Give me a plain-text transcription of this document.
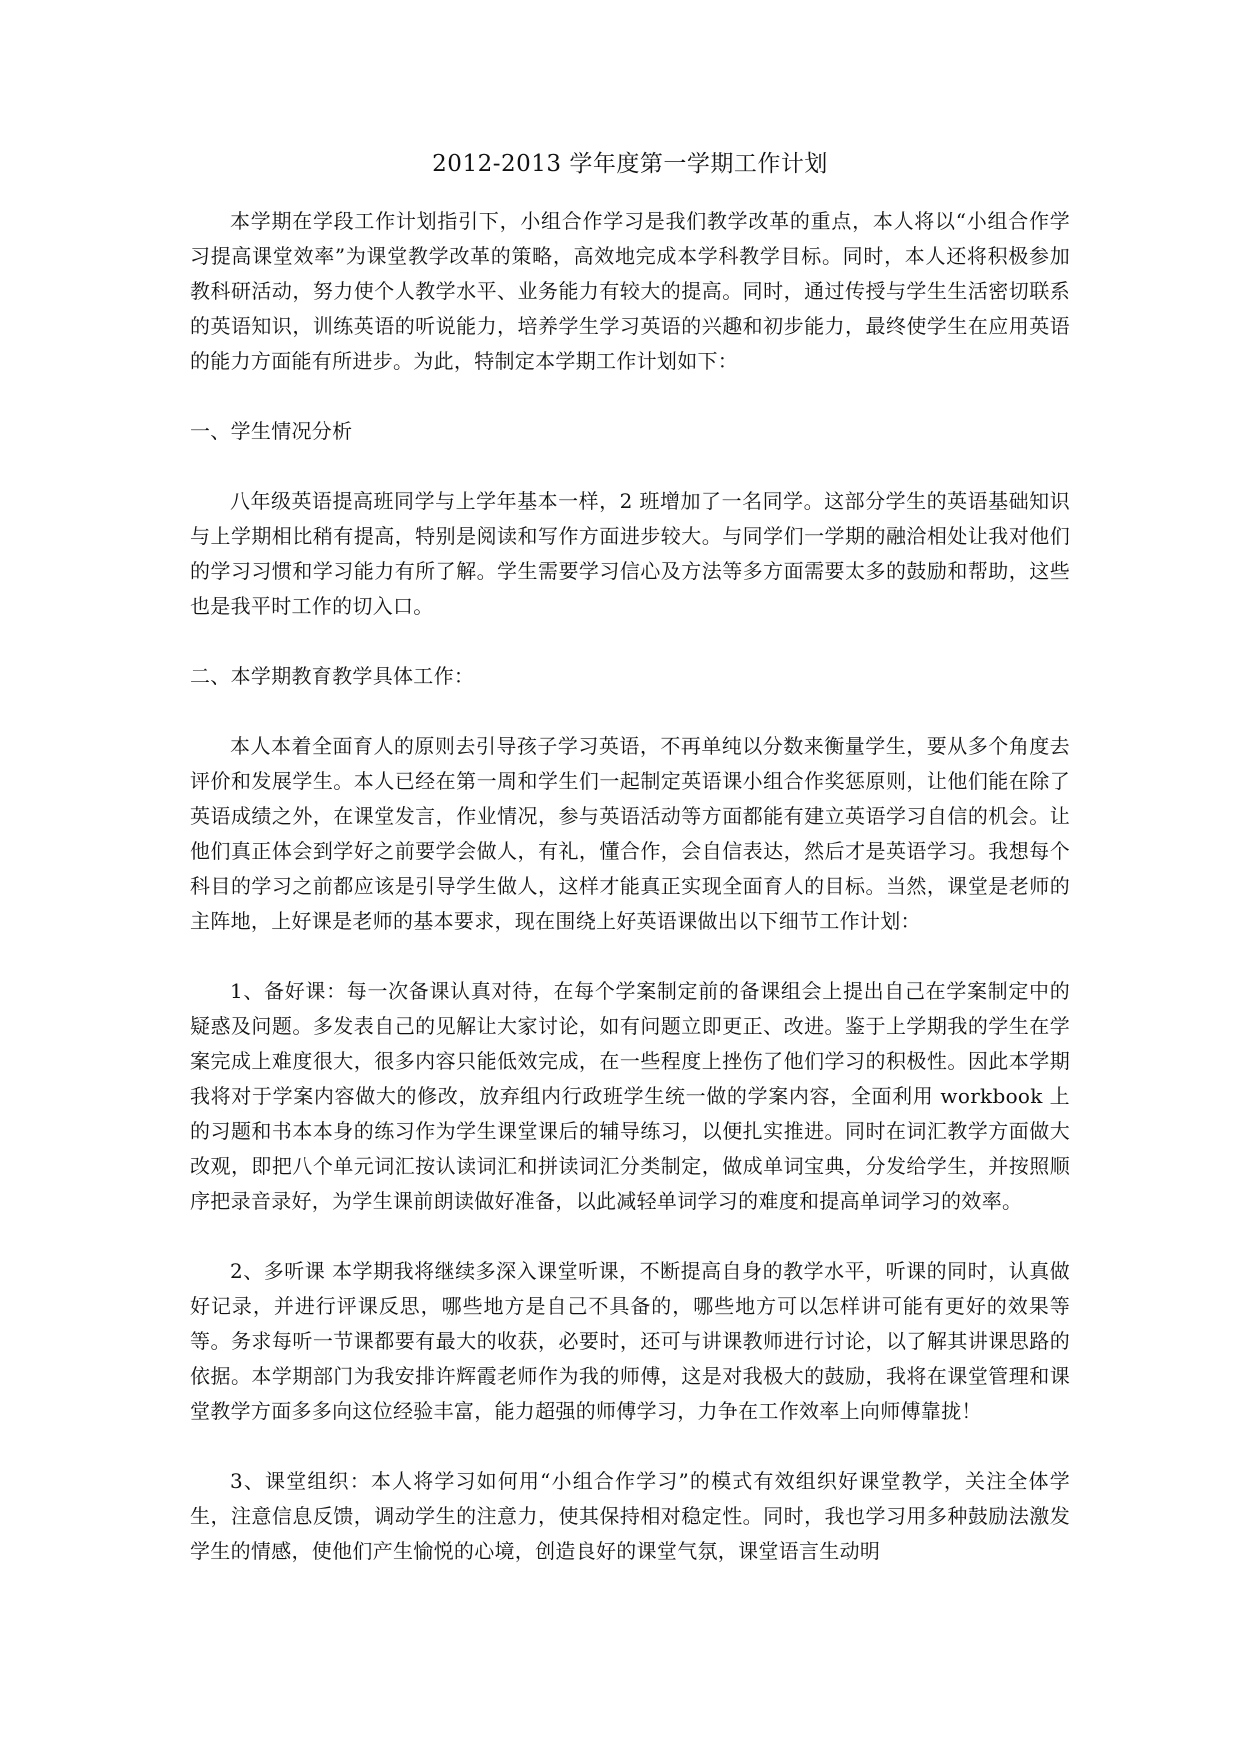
2012-2013 学年度第一学期工作计划

本学期在学段工作计划指引下，小组合作学习是我们教学改革的重点，本人将以“小组合作学习提高课堂效率”为课堂教学改革的策略，高效地完成本学科教学目标。同时，本人还将积极参加教科研活动，努力使个人教学水平、业务能力有较大的提高。同时，通过传授与学生生活密切联系的英语知识，训练英语的听说能力，培养学生学习英语的兴趣和初步能力，最终使学生在应用英语的能力方面能有所进步。为此，特制定本学期工作计划如下：

一、学生情况分析

八年级英语提高班同学与上学年基本一样，2 班增加了一名同学。这部分学生的英语基础知识与上学期相比稍有提高，特别是阅读和写作方面进步较大。与同学们一学期的融洽相处让我对他们的学习习惯和学习能力有所了解。学生需要学习信心及方法等多方面需要太多的鼓励和帮助，这些也是我平时工作的切入口。

二、本学期教育教学具体工作：

本人本着全面育人的原则去引导孩子学习英语，不再单纯以分数来衡量学生，要从多个角度去评价和发展学生。本人已经在第一周和学生们一起制定英语课小组合作奖惩原则，让他们能在除了英语成绩之外，在课堂发言，作业情况，参与英语活动等方面都能有建立英语学习自信的机会。让他们真正体会到学好之前要学会做人，有礼，懂合作，会自信表达，然后才是英语学习。我想每个科目的学习之前都应该是引导学生做人，这样才能真正实现全面育人的目标。当然，课堂是老师的主阵地，上好课是老师的基本要求，现在围绕上好英语课做出以下细节工作计划：

1、备好课：每一次备课认真对待，在每个学案制定前的备课组会上提出自己在学案制定中的疑惑及问题。多发表自己的见解让大家讨论，如有问题立即更正、改进。鉴于上学期我的学生在学案完成上难度很大，很多内容只能低效完成，在一些程度上挫伤了他们学习的积极性。因此本学期我将对于学案内容做大的修改，放弃组内行政班学生统一做的学案内容，全面利用 workbook 上的习题和书本本身的练习作为学生课堂课后的辅导练习，以便扎实推进。同时在词汇教学方面做大改观，即把八个单元词汇按认读词汇和拼读词汇分类制定，做成单词宝典，分发给学生，并按照顺序把录音录好，为学生课前朗读做好准备，以此减轻单词学习的难度和提高单词学习的效率。

2、多听课 本学期我将继续多深入课堂听课，不断提高自身的教学水平，听课的同时，认真做好记录，并进行评课反思，哪些地方是自己不具备的，哪些地方可以怎样讲可能有更好的效果等等。务求每听一节课都要有最大的收获，必要时，还可与讲课教师进行讨论，以了解其讲课思路的依据。本学期部门为我安排许辉霞老师作为我的师傅，这是对我极大的鼓励，我将在课堂管理和课堂教学方面多多向这位经验丰富，能力超强的师傅学习，力争在工作效率上向师傅靠拢！

3、课堂组织：本人将学习如何用“小组合作学习”的模式有效组织好课堂教学，关注全体学生，注意信息反馈，调动学生的注意力，使其保持相对稳定性。同时，我也学习用多种鼓励法激发学生的情感，使他们产生愉悦的心境，创造良好的课堂气氛，课堂语言生动明
